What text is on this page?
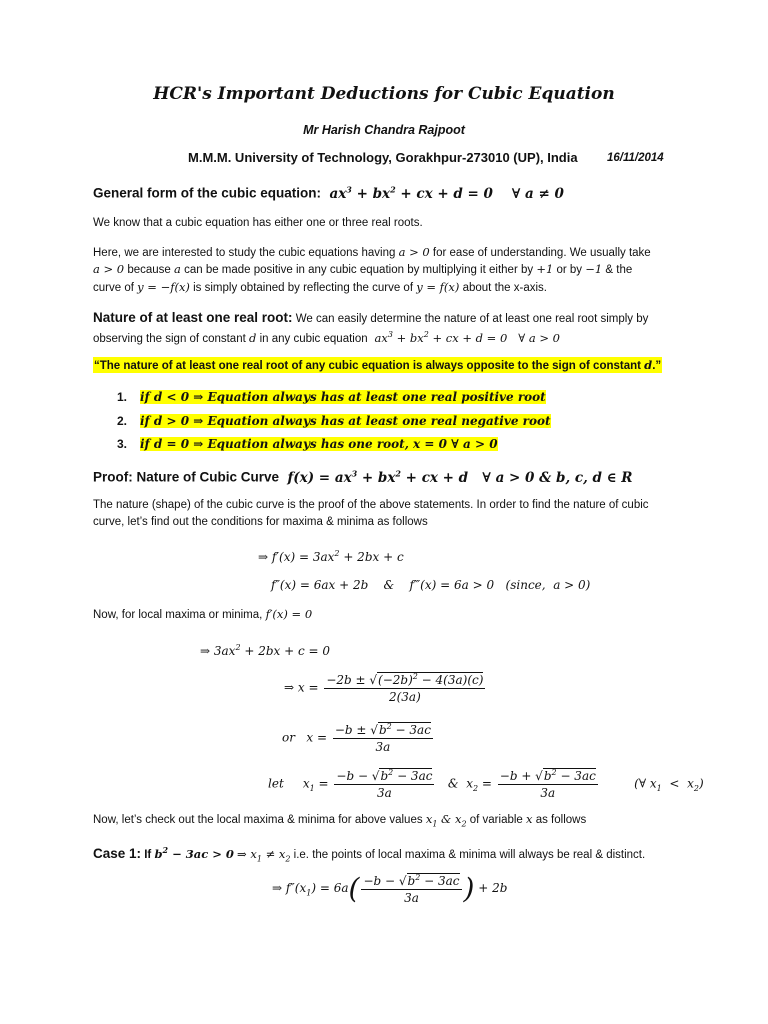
HCR's Important Deductions for Cubic Equation
Mr Harish Chandra Rajpoot
M.M.M. University of Technology, Gorakhpur-273010 (UP), India	16/11/2014
General form of the cubic equation:  $ax^3 + bx^2$ + cx + d = 0    ∀ a ≠ 0
We know that a cubic equation has either one or three real roots.
Here, we are interested to study the cubic equations having a > 0 for ease of understanding. We usually take
a > 0 because a can be made positive in any cubic equation by multiplying it either by +1 or by −1 & the
curve of y = −f(x) is simply obtained by reflecting the curve of y = f(x) about the x-axis.
Nature of at least one real root: We can easily determine the nature of at least one real root simply by
observing the sign of constant d in any cubic equation  $ax^3 + bx^2$ + cx + d = 0   ∀ a > 0
“The nature of at least one real root of any cubic equation is always opposite to the sign of constant d.”
1. if d < 0 ⇒ Equation always has at least one real positive root
2. if d > 0 ⇒ Equation always has at least one real negative root
3. if d = 0 ⇒ Equation always has one root, x = 0 ∀ a > 0
Proof: Nature of Cubic Curve  $f(x) = ax^3 + bx^2$ + cx + d   ∀ a > 0 & b, c, d ∈ R
The nature (shape) of the cubic curve is the proof of the above statements. In order to find the nature of cubic
curve, let’s find out the conditions for maxima & minima as follows
⇒ $f'(x) = 3ax^2 + 2bx + c$
f″(x) = 6ax + 2b    &    f‴(x) = 6a > 0   (since,  a > 0)
Now, for local maxima or minima, f′(x) = 0
⇒ $3ax^2 + 2bx + c = 0$
⇒ $x = \frac{-2b \pm √(-2b)^2 - 4(3a)(c)}{2(3a)}$
or   $x = \frac{-b \pm √b^2 - 3ac}{3a}$
let     $x_1 = \frac{-b - √b^2 - 3ac}{3a}$ &  $x_2 = \frac{-b + √b^2 - 3ac}{3a}$ (∀ $x_1 < x_2$)
Now, let’s check out the local maxima & minima for above values $x_1$ & $x_2$ of variable x as follows
Case 1: If $b^2 - 3ac > 0$ ⇒ $x_1 \ne x_2$ i.e. the points of local maxima & minima will always be real & distinct.
⇒ $f''(x_1) = 6a( \frac{-b - √b^2 - 3ac}{3a}$ ) + 2b
